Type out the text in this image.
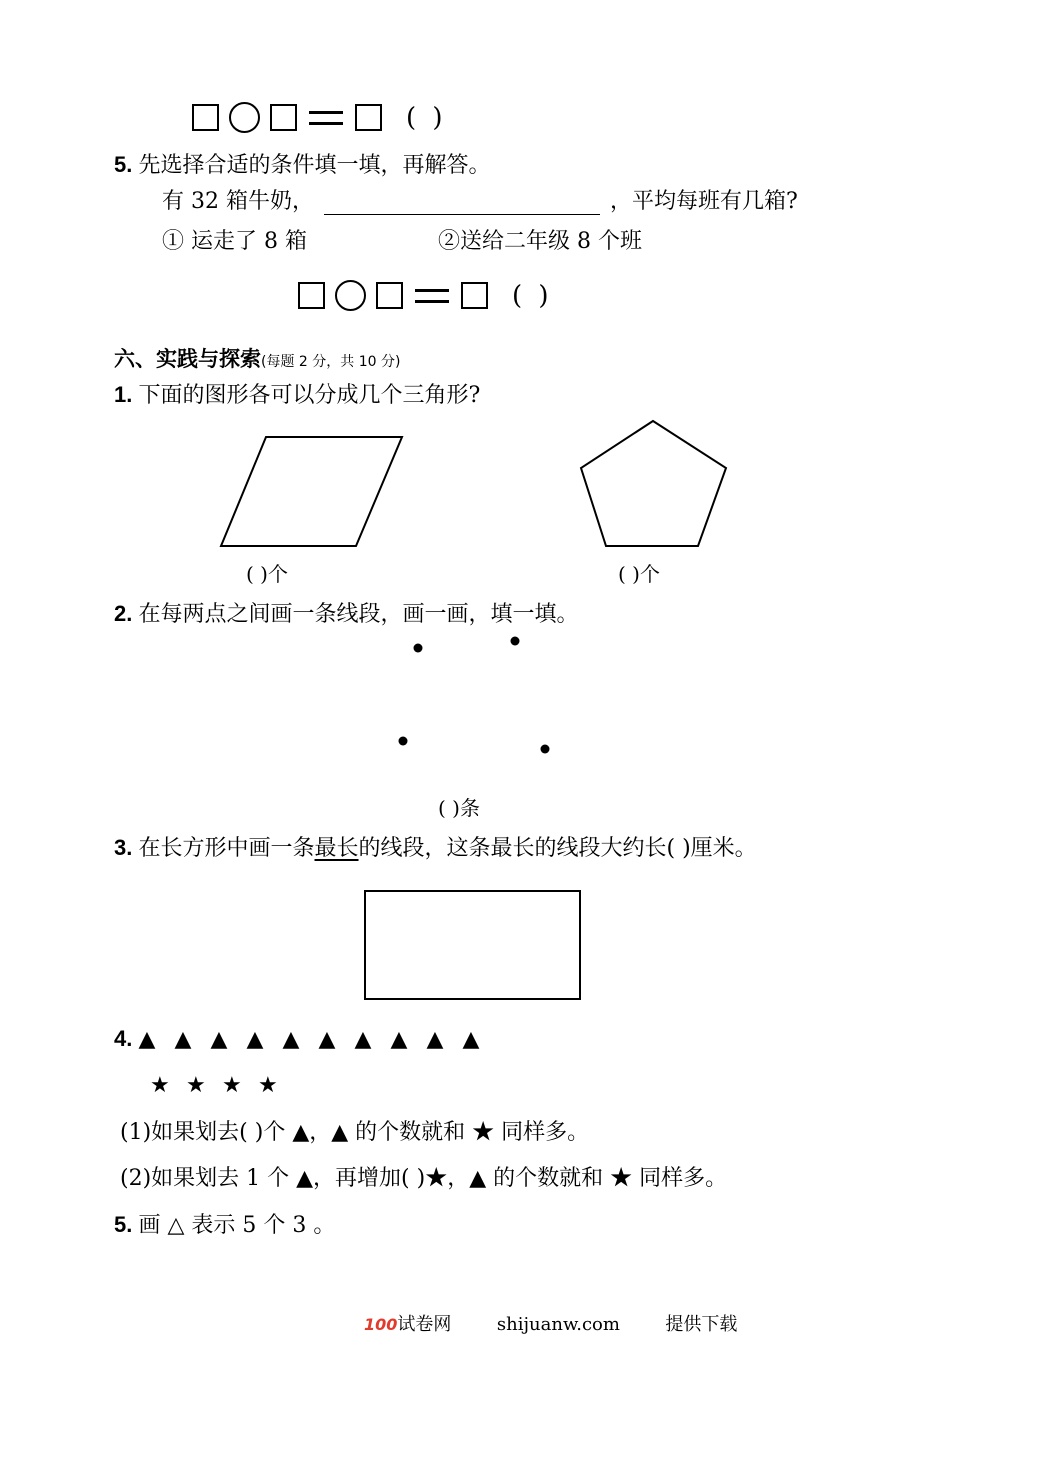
( )
5. 先选择合适的条件填一填，再解答。
有 32 箱牛奶，	，平均每班有几箱?
① 运走了 8 箱	②送给二年级 8 个班
( )
六、实践与探索(每题 2 分，共 10 分)
1. 下面的图形各可以分成几个三角形?
( )个	( )个
2. 在每两点之间画一条线段，画一画，填一填。
( )条
3. 在长方形中画一条最长的线段，这条最长的线段大约长( )厘米。
4. ▲ ▲ ▲ ▲ ▲ ▲ ▲ ▲ ▲ ▲
★ ★ ★ ★
(1)如果划去( )个 ▲，▲ 的个数就和 ★ 同样多。
(2)如果划去 1 个 ▲，再增加( )★，▲ 的个数就和 ★ 同样多。
5. 画 △ 表示 5 个 3 。
100试卷网	shijuanw.com	提供下载
